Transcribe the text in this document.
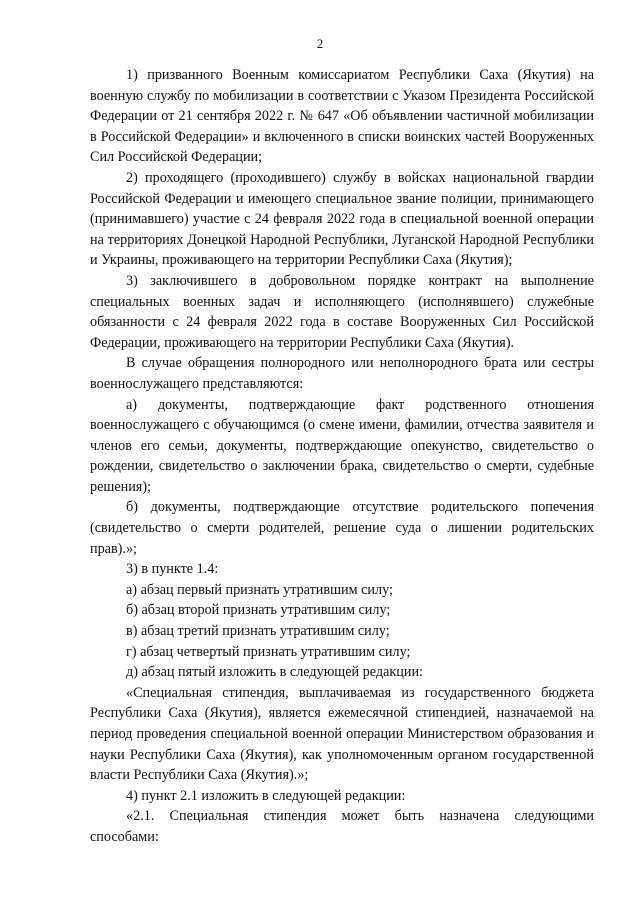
2

1) призванного Военным комиссариатом Республики Саха (Якутия) на военную службу по мобилизации в соответствии с Указом Президента Российской Федерации от 21 сентября 2022 г. № 647 «Об объявлении частичной мобилизации в Российской Федерации» и включенного в списки воинских частей Вооруженных Сил Российской Федерации;

2) проходящего (проходившего) службу в войсках национальной гвардии Российской Федерации и имеющего специальное звание полиции, принимающего (принимавшего) участие с 24 февраля 2022 года в специальной военной операции на территориях Донецкой Народной Республики, Луганской Народной Республики и Украины, проживающего на территории Республики Саха (Якутия);

3) заключившего в добровольном порядке контракт на выполнение специальных военных задач и исполняющего (исполнявшего) служебные обязанности с 24 февраля 2022 года в составе Вооруженных Сил Российской Федерации, проживающего на территории Республики Саха (Якутия).

В случае обращения полнородного или неполнородного брата или сестры военнослужащего представляются:

а) документы, подтверждающие факт родственного отношения военнослужащего с обучающимся (о смене имени, фамилии, отчества заявителя и членов его семьи, документы, подтверждающие опекунство, свидетельство о рождении, свидетельство о заключении брака, свидетельство о смерти, судебные решения);

б) документы, подтверждающие отсутствие родительского попечения (свидетельство о смерти родителей, решение суда о лишении родительских прав).»;

3) в пункте 1.4:

а) абзац первый признать утратившим силу;

б) абзац второй признать утратившим силу;

в) абзац третий признать утратившим силу;

г) абзац четвертый признать утратившим силу;

д) абзац пятый изложить в следующей редакции:

«Специальная стипендия, выплачиваемая из государственного бюджета Республики Саха (Якутия), является ежемесячной стипендией, назначаемой на период проведения специальной военной операции Министерством образования и науки Республики Саха (Якутия), как уполномоченным органом государственной власти Республики Саха (Якутия).»;

4) пункт 2.1 изложить в следующей редакции:

«2.1. Специальная стипендия может быть назначена следующими способами:
